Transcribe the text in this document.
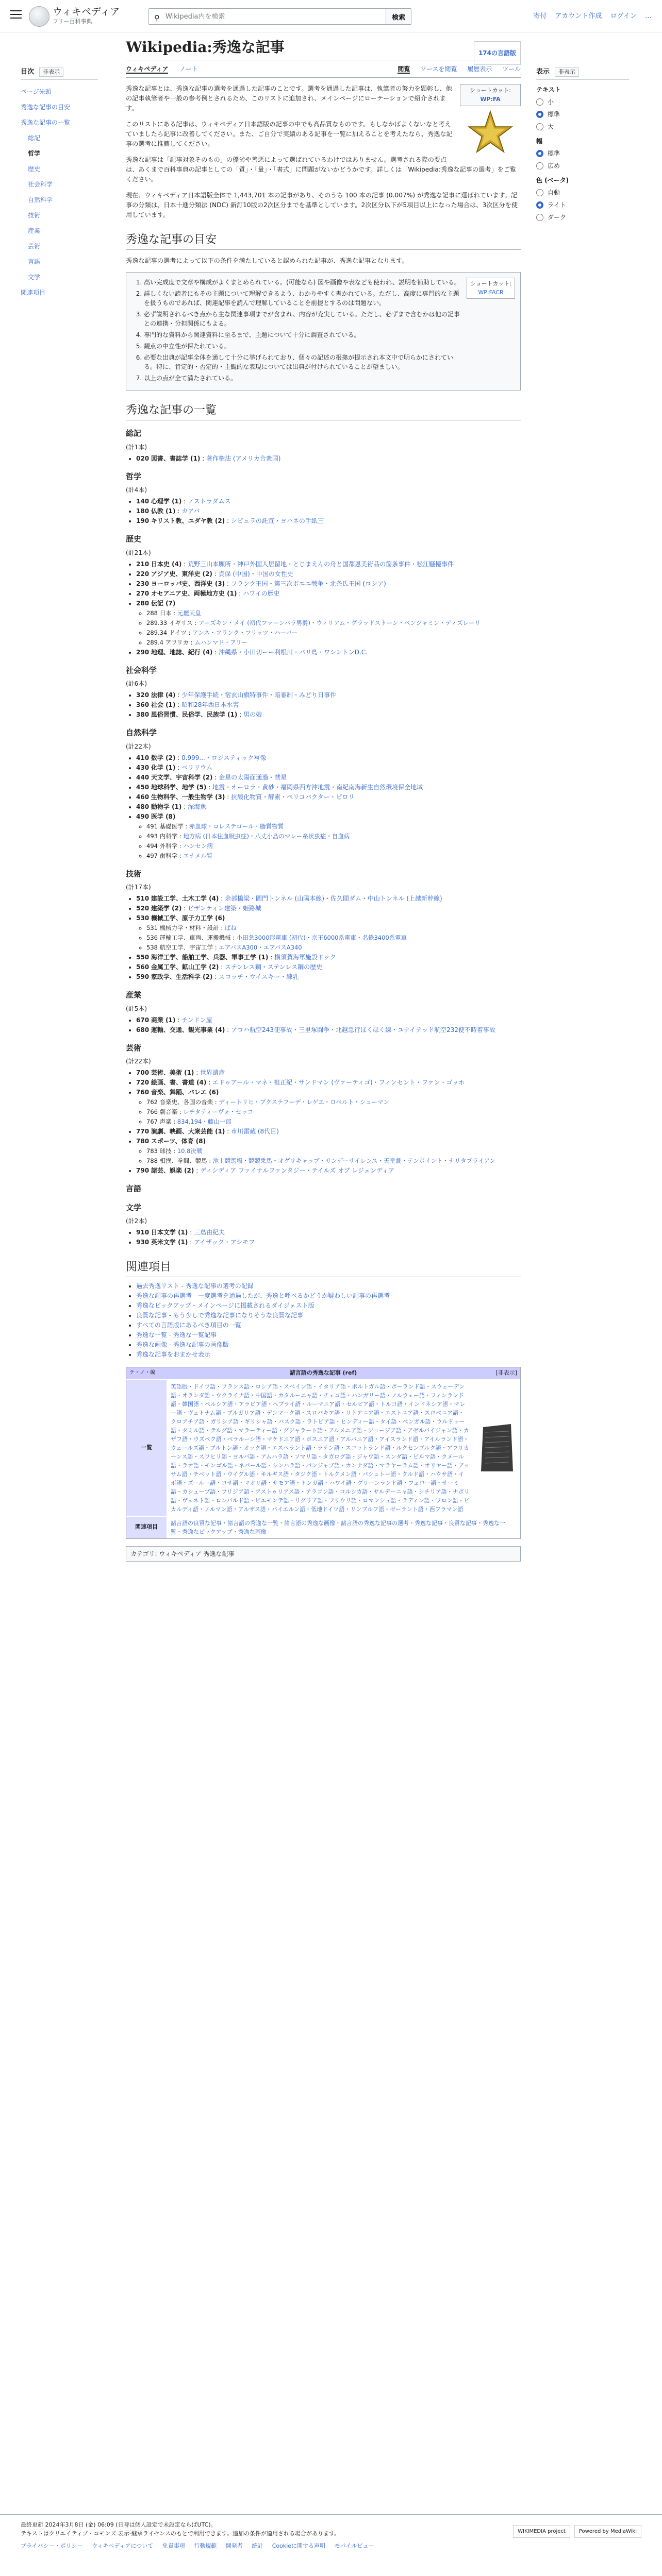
ウィキペディア
フリー百科事典	⚲
Wikipedia内を検索	検索	寄付 アカウント作成 ログイン …
目次	非表示
ページ先頭
秀逸な記事の目安
秀逸な記事の一覧
総記
哲学
歴史
社会科学
自然科学
技術
産業
芸術
言語
文学
関連項目
Wikipedia:秀逸な記事	174の言語版
ウィキペディア ノート	閲覧 ソースを閲覧 履歴表示 ツール
ショートカット:
WP:FA

秀逸な記事とは、秀逸な記事の選考を通過した記事のことです。選考を通過した記事は、執筆者の努力を顕彰し、他の記事執筆者や一般の参考例とされるため、このリストに追加され、メインページにローテーションで紹介されます。

このリストにある記事は、ウィキペディア日本語版の記事の中でも高品質なものです。もしなかばよくないなと考えていましたら記事に改善してください。また、ご自分で実績のある記事を一覧に加えることを考えたなら、秀逸な記事の選考に推薦してください。

秀逸な記事は「記事対象そのもの」の優劣や善悪によって選ばれているわけではありません。選考される際の要点は、あくまで百科事典の記事としての「質」・「量」・「書式」に問題がないかどうかです。詳しくは「Wikipedia:秀逸な記事の選考」をご覧ください。

現在、ウィキペディア日本語版全体で 1,443,701 本の記事があり、そのうち 100 本の記事 (0.007%) が秀逸な記事に選ばれています。記事の分類は、日本十進分類法 (NDC) 新訂10版の2次区分までを基準としています。2次区分以下が5項目以上になった場合は、3次区分を使用しています。

秀逸な記事の目安

秀逸な記事の選考によって以下の条件を満たしていると認められた記事が、秀逸な記事となります。

ショートカット:
WP:FACR
1. 高い完成度で文章や構成がよくまとめられている。(可能なら) 図や画像や表なども使われ、説明を補助している。
2. 詳しくない読者にもその主題について理解できるよう、わかりやすく書かれている。ただし、高度に専門的な主題を扱うものであれば、関連記事を読んで理解していることを前提とするのは問題ない。
3. 必ず説明されるべき点から主な関連事項までが含まれ、内容が充実している。ただし、必ずまで含むかは他の記事との連携・分担関係にもよる。
4. 専門的な資料から関連資料に至るまで、主題について十分に調査されている。
5. 観点の中立性が保たれている。
6. 必要な出典が記事全体を通して十分に挙げられており、個々の記述の根拠が提示され本文中で明らかにされている。特に、肯定的・否定的・主観的な表現については出典が付けられていることが望ましい。
7. 以上の点が全て満たされている。
秀逸な記事の一覧
総記
(計1本)
• 020 図書、書誌学 (1) : 著作権法 (アメリカ合衆国)
哲学
(計4本)
• 140 心理学 (1) : ノストラダムス
• 180 仏教 (1) : カアバ
• 190 キリスト教、ユダヤ教 (2) : シビュラの託宣・ヨハネの手紙三
歴史
(計21本)
• 210 日本史 (4) : 荒野三山本願所・神戸外国人居留地・とじまえんの舟と国都恩美術品の箇条事件・松江騒擾事件
• 220 アジア史、東洋史 (2) : 貞保 (中国)・中国の女性史
• 230 ヨーロッパ史、西洋史 (3) : フランク王国・第三次ポエニ戦争・北条氏王国 (ロシア)
• 270 オセアニア史、両極地方史 (1) : ハワイの歴史
• 280 伝記 (7)
◦ 288 日本 : 元麗天皇
◦ 289.33 イギリス : アーズキン・メイ (初代ファーンバラ男爵)・ウィリアム・グラッドストーン・ベンジャミン・ディズレーリ
◦ 289.34 ドイツ : アンネ・フランク・フリッツ・ハーバー
◦ 289.4 アフリカ : ムハンマド・アリー
• 290 地理、地誌、紀行 (4) : 沖縄県・小田切ーー利根川・パリ島・ワシントンD.C.
社会科学
(計6本)
• 320 法律 (4) : 少年保護手続・宿玄山旗特事件・暗審制・みどり日事件
• 360 社会 (1) : 昭和28年西日本水害
• 380 風俗習慣、民俗学、民族学 (1) : 男の娘
自然科学
(計22本)
• 410 数学 (2) : 0.999...・ロジスティック写像
• 430 化学 (1) : ベリリウム
• 440 天文学、宇宙科学 (2) : 金星の太陽面通過・彗星
• 450 地球科学、地学 (5) : 地震・オーロラ・黄砂・福岡県西方沖地震・南紀南海新生自然環境保全地域
• 460 生物科学、一般生物学 (3) : 抗酸化物質・酵素・ペリコバクター・ピロリ
• 480 動物学 (1) : 深海魚
• 490 医学 (8)
◦ 491 基礎医学 : 赤血球・コレステロール・脂質物質
◦ 493 内科学 : 地方病 (日本住血吸虫症)・八丈小島のマレー糸状虫症・自血病
◦ 494 外科学 : ハンセン病
◦ 497 歯科学 : エナメル質
技術
(計17本)
• 510 建設工学、土木工学 (4) : 余部橋梁・閻門トンネル (山陽本線)・佐久間ダム・中山トンネル (上越新幹線)
• 520 建築学 (2) : ビザンティン建築・姫路城
• 530 機械工学、原子力工学 (6)
◦ 531 機械力学・材料・設計 : ばね
◦ 536 運輸工学、車両、運搬機械 : 小田急3000形電車 (初代)・京王6000系電車・名鉄3400系電車
◦ 538 航空工学、宇宙工学 : エアバスA300・エアバスA340
• 550 海洋工学、船舶工学、兵器、軍事工学 (1) : 横須賀海軍施設ドック
• 560 金属工学、鉱山工学 (2) : ステンレス鋼・ステンレス鋼の歴史
• 590 家政学、生活科学 (2) : スコッチ・ウイスキー・練乳
産業
(計5本)
• 670 商業 (1) : チンドン屋
• 680 運輸、交通、観光事業 (4) : アロハ航空243便事故・三里塚闘争・北越急行ほくほく線・ユナイテッド航空232便不時着事故
芸術
(計22本)
• 700 芸術、美術 (1) : 世界遺産
• 720 絵画、書、書道 (4) : エドゥアール・マネ・祖正紀・サンドマン (ヴァーティゴ)・フィンセント・ファン・ゴッホ
• 760 音楽、舞踊、バレエ (6)
◦ 762 音楽史、各国の音楽 : ディートリヒ・ブクステフーデ・レゲエ・ロベルト・シューマン
◦ 766 劇音楽 : レチタティーヴォ・セッコ
◦ 767 声楽 : 834.194・藤山一郎
• 770 演劇、映画、大衆芸能 (1) : 市川雷蔵 (8代目)
• 780 スポーツ、体育 (8)
◦ 783 球技 : 10.8決戦
◦ 788 相撲、拳闘、競馬 : 池上競馬場・競競乗馬・オグリキャップ・サンデーサイレンス・天皇賞・テンポイント・ナリタブライアン
• 790 諸芸、娯楽 (2) : ディシディア ファイナルファンタジー・テイルズ オブ レジェンディア
言語
文学
(計2本)
• 910 日本文学 (1) : 三島由紀夫
• 930 英米文学 (1) : アイザック・アシモフ
関連項目
• 過去秀逸リスト - 秀逸な記事の選考の記録
• 秀逸な記事の再選考 - 一度選考を通過したが、秀逸と呼べるかどうか疑わしい記事の再選考
• 秀逸なピックアップ - メインページに掲載されるダイジェスト版
• 良質な記事 - もう少しで秀逸な記事になりそうな良質な記事
• すべての言語版にあるべき項目の一覧
• 秀逸な一覧 - 秀逸な一覧記事
• 秀逸な画像 - 秀逸な記事の画像版
• 秀逸な記事をおまかせ表示
テ・ノ・編	諸言語の秀逸な記事 (ref)	[非表示]
一覧
英語版・ドイツ語・フランス語・ロシア語・スペイン語・イタリア語・ポルトガル語・ポーランド語・スウェーデン語・オランダ語・ウクライナ語・中国語・カタルーニャ語・チェコ語・ハンガリー語・ノルウェー語・フィンランド語・韓国語・ペルシア語・アラビア語・ヘブライ語・ルーマニア語・セルビア語・トルコ語・インドネシア語・マレー語・ヴェトナム語・ブルガリア語・デンマーク語・スロバキア語・リトアニア語・エストニア語・スロベニア語・クロアチア語・ガリシア語・ギリシャ語・バスク語・ラトビア語・ヒンディー語・タイ語・ベンガル語・ウルドゥー語・タミル語・テルグ語・マラーティー語・グジャラート語・アルメニア語・ジョージア語・アゼルバイジャン語・カザフ語・ウズベク語・ベラルーシ語・マケドニア語・ボスニア語・アルバニア語・アイスランド語・アイルランド語・ウェールズ語・ブルトン語・オック語・エスペラント語・ラテン語・スコットランド語・ルクセンブルク語・アフリカーンス語・スワヒリ語・ヨルバ語・アムハラ語・ソマリ語・タガログ語・ジャワ語・スンダ語・ビルマ語・クメール語・ラオ語・モンゴル語・ネパール語・シンハラ語・パンジャブ語・カンナダ語・マラヤーラム語・オリヤー語・アッサム語・チベット語・ウイグル語・キルギス語・タジク語・トルクメン語・パシュトー語・クルド語・ハウサ語・イボ語・ズールー語・コサ語・マオリ語・サモア語・トンガ語・ハワイ語・グリーンランド語・フェロー語・サーミ語・カシューブ語・フリジア語・アストゥリアス語・アラゴン語・コルシカ語・サルデーニャ語・シチリア語・ナポリ語・ヴェネト語・ロンバルド語・ピエモンテ語・リグリア語・フリウリ語・ロマンシュ語・ラディン語・ワロン語・ピカルディ語・ノルマン語・アルザス語・バイエルン語・低地ドイツ語・リンブルフ語・ゼーラント語・西フラマン語
関連項目
諸言語の良質な記事・諸言語の秀逸な一覧・諸言語の秀逸な画像・諸言語の秀逸な記事の選考・秀逸な記事・良質な記事・秀逸な一覧・秀逸なピックアップ・秀逸な画像
カテゴリ: ウィキペディア 秀逸な記事
表示	非表示
テキスト
小
標準
大
幅
標準
広め
色 (ベータ)
自動
ライト
ダーク
最終更新 2024年3月8日 (金) 06:09 (日時は個人設定で未設定ならばUTC)。
テキストはクリエイティブ・コモンズ 表示-継承ライセンスのもとで利用できます。追加の条件が適用される場合があります。
プライバシー・ポリシー ウィキペディアについて 免責事項 行動規範 開発者 統計 Cookieに関する声明 モバイルビュー
WIKIMEDIA project	Powered by MediaWiki
